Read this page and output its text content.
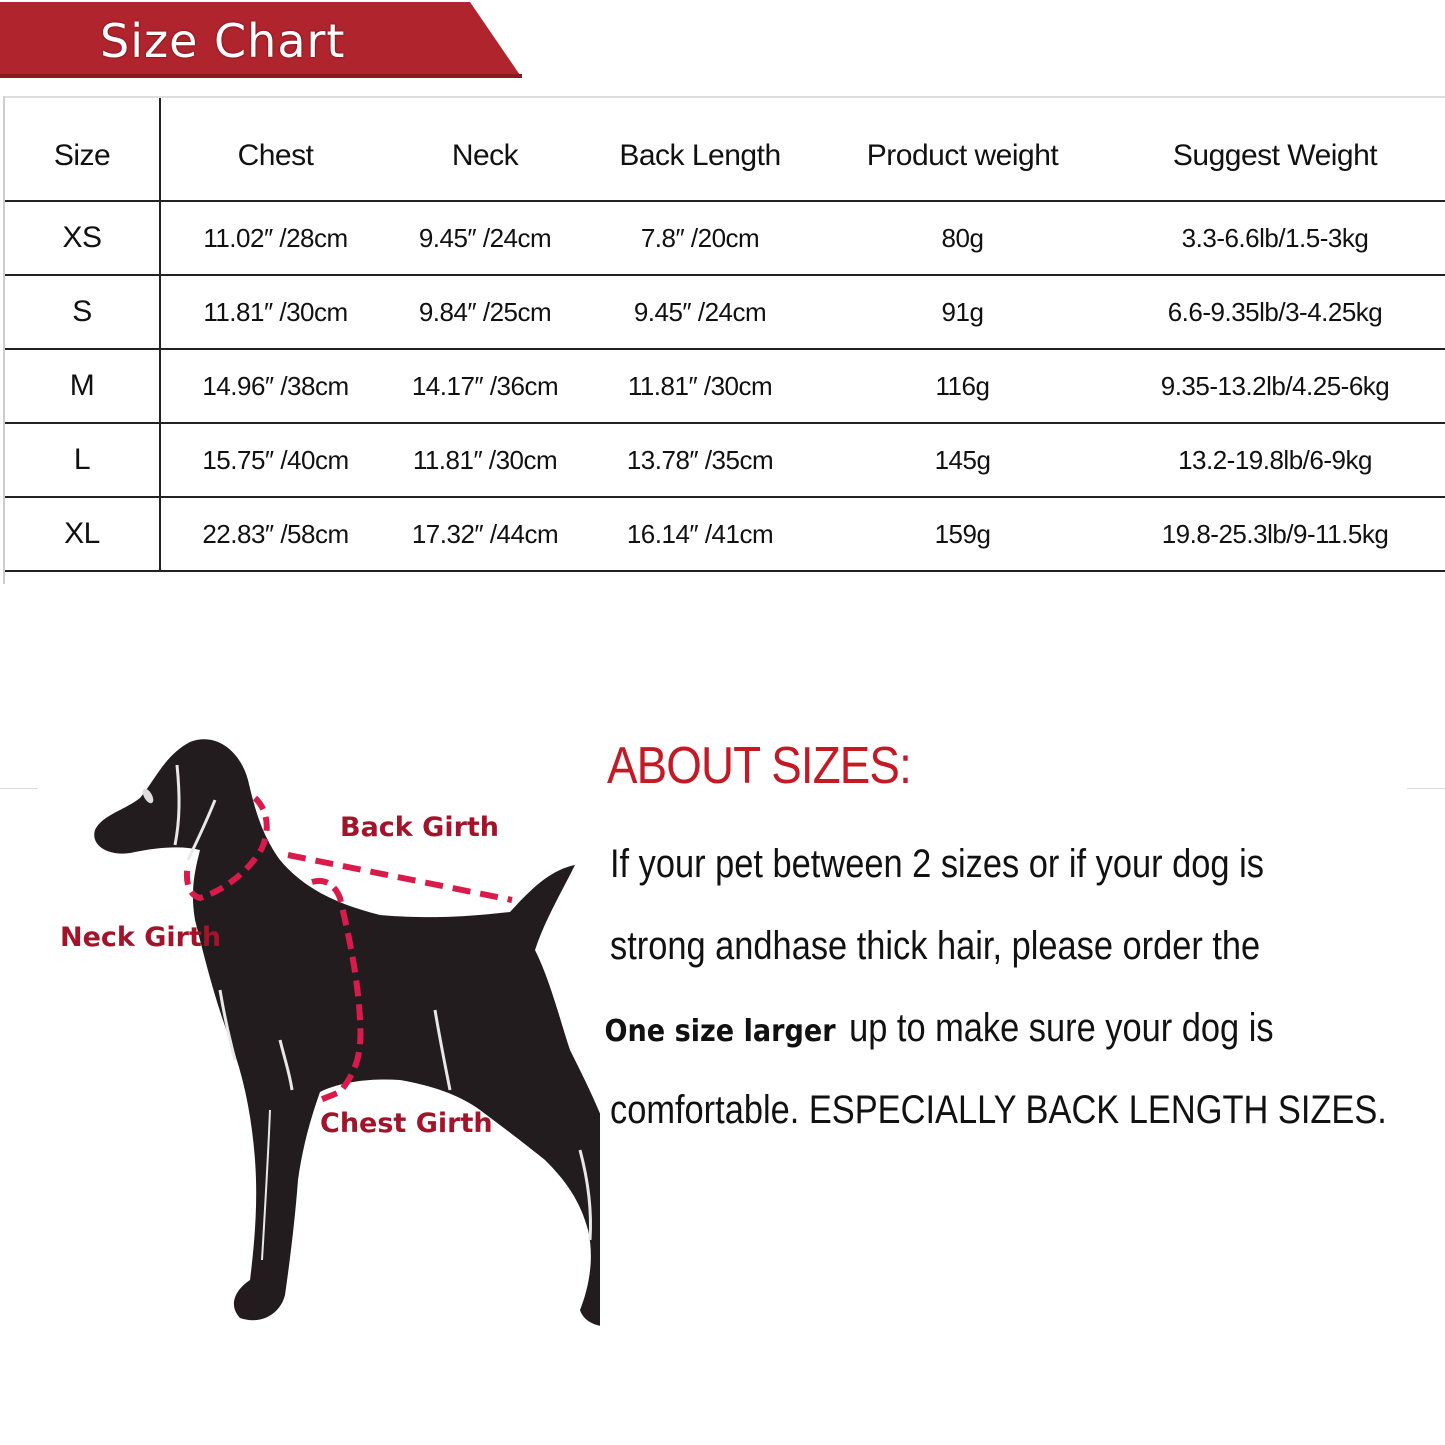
Size Chart
Size	Chest	Neck	Back Length	Product weight	Suggest Weight
XS	11.02″ /28cm	9.45″ /24cm	7.8″ /20cm	80g	3.3-6.6lb/1.5-3kg
S	11.81″ /30cm	9.84″ /25cm	9.45″ /24cm	91g	6.6-9.35lb/3-4.25kg
M	14.96″ /38cm	14.17″ /36cm	11.81″ /30cm	116g	9.35-13.2lb/4.25-6kg
L	15.75″ /40cm	11.81″ /30cm	13.78″ /35cm	145g	13.2-19.8lb/6-9kg
XL	22.83″ /58cm	17.32″ /44cm	16.14″ /41cm	159g	19.8-25.3lb/9-11.5kg
Back Girth
Neck Girth
Chest Girth
ABOUT SIZES:
If your pet between 2 sizes or if your dog is
strong andhase thick hair, please order the
One size larger up to make sure your dog is
comfortable. ESPECIALLY BACK LENGTH SIZES.
